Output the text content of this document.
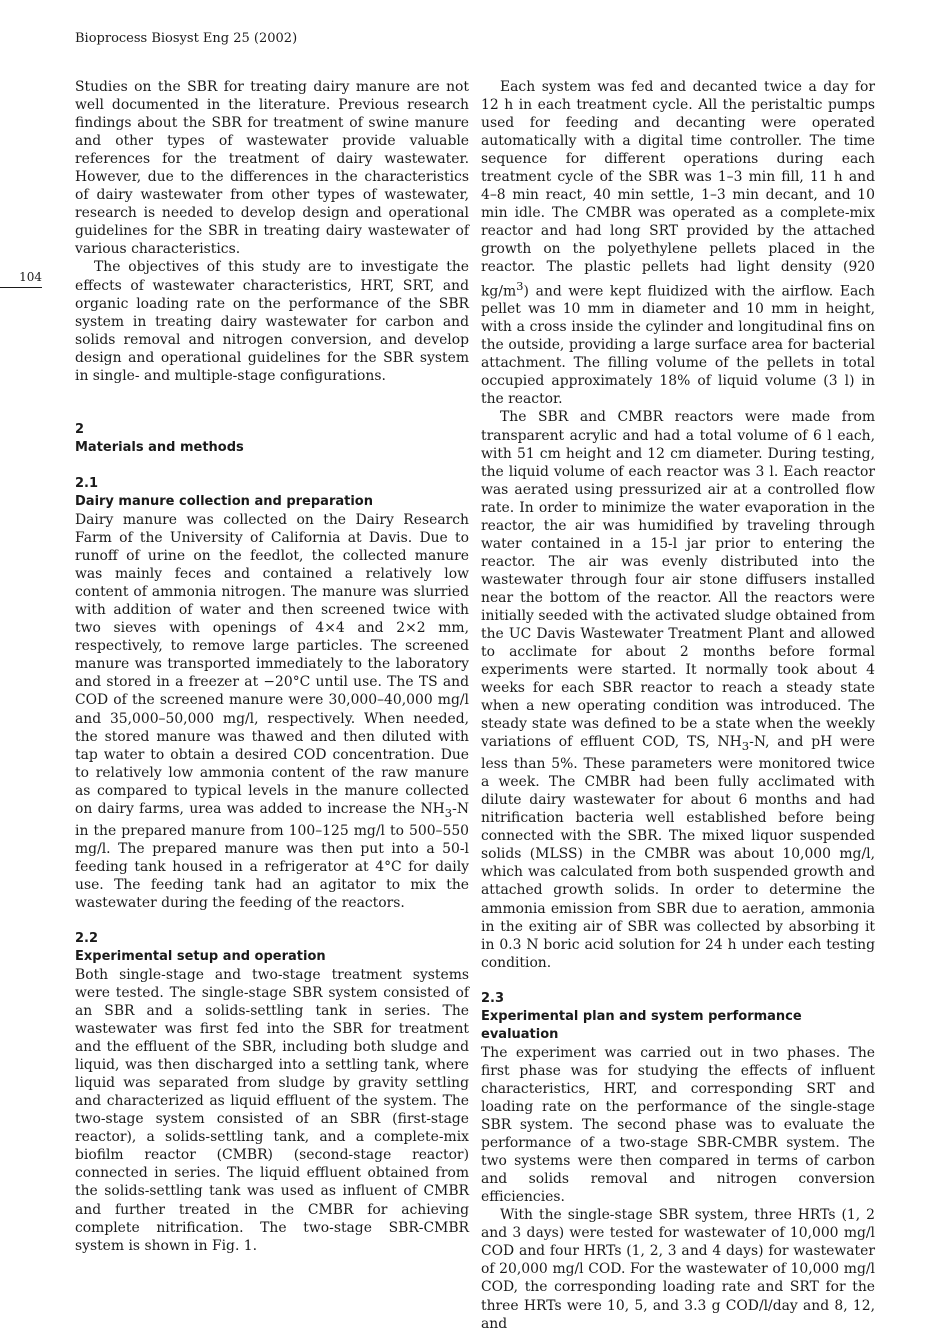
Bioprocess Biosyst Eng 25 (2002)
104

Studies on the SBR for treating dairy manure are not well documented in the literature. Previous research findings about the SBR for treatment of swine manure and other types of wastewater provide valuable references for the treatment of dairy wastewater. However, due to the differences in the characteristics of dairy wastewater from other types of wastewater, research is needed to develop design and operational guidelines for the SBR in treating dairy wastewater of various characteristics.

The objectives of this study are to investigate the effects of wastewater characteristics, HRT, SRT, and organic loading rate on the performance of the SBR system in treating dairy wastewater for carbon and solids removal and nitrogen conversion, and develop design and operational guidelines for the SBR system in single- and multiple-stage configurations.

2
Materials and methods
2.1
Dairy manure collection and preparation

Dairy manure was collected on the Dairy Research Farm of the University of California at Davis. Due to runoff of urine on the feedlot, the collected manure was mainly feces and contained a relatively low content of ammonia nitrogen. The manure was slurried with addition of water and then screened twice with two sieves with openings of 4×4 and 2×2 mm, respectively, to remove large particles. The screened manure was transported immediately to the laboratory and stored in a freezer at −20°C until use. The TS and COD of the screened manure were 30,000–40,000 mg/l and 35,000–50,000 mg/l, respectively. When needed, the stored manure was thawed and then diluted with tap water to obtain a desired COD concentration. Due to relatively low ammonia content of the raw manure as compared to typical levels in the manure collected on dairy farms, urea was added to increase the $NH_3-N$ in the prepared manure from 100–125 mg/l to 500–550 mg/l. The prepared manure was then put into a 50-l feeding tank housed in a refrigerator at 4°C for daily use. The feeding tank had an agitator to mix the wastewater during the feeding of the reactors.

2.2
Experimental setup and operation

Both single-stage and two-stage treatment systems were tested. The single-stage SBR system consisted of an SBR and a solids-settling tank in series. The wastewater was first fed into the SBR for treatment and the effluent of the SBR, including both sludge and liquid, was then discharged into a settling tank, where liquid was separated from sludge by gravity settling and characterized as liquid effluent of the system. The two-stage system consisted of an SBR (first-stage reactor), a solids-settling tank, and a complete-mix biofilm reactor (CMBR) (second-stage reactor) connected in series. The liquid effluent obtained from the solids-settling tank was used as influent of CMBR and further treated in the CMBR for achieving complete nitrification. The two-stage SBR-CMBR system is shown in Fig. 1.

Each system was fed and decanted twice a day for 12 h in each treatment cycle. All the peristaltic pumps used for feeding and decanting were operated automatically with a digital time controller. The time sequence for different operations during each treatment cycle of the SBR was 1–3 min fill, 11 h and 4–8 min react, 40 min settle, 1–3 min decant, and 10 min idle. The CMBR was operated as a complete-mix reactor and had long SRT provided by the attached growth on the polyethylene pellets placed in the reactor. The plastic pellets had light density (920 $kg/m^3$) and were kept fluidized with the airflow. Each pellet was 10 mm in diameter and 10 mm in height, with a cross inside the cylinder and longitudinal fins on the outside, providing a large surface area for bacterial attachment. The filling volume of the pellets in total occupied approximately 18% of liquid volume (3 l) in the reactor.

The SBR and CMBR reactors were made from transparent acrylic and had a total volume of 6 l each, with 51 cm height and 12 cm diameter. During testing, the liquid volume of each reactor was 3 l. Each reactor was aerated using pressurized air at a controlled flow rate. In order to minimize the water evaporation in the reactor, the air was humidified by traveling through water contained in a 15-l jar prior to entering the reactor. The air was evenly distributed into the wastewater through four air stone diffusers installed near the bottom of the reactor. All the reactors were initially seeded with the activated sludge obtained from the UC Davis Wastewater Treatment Plant and allowed to acclimate for about 2 months before formal experiments were started. It normally took about 4 weeks for each SBR reactor to reach a steady state when a new operating condition was introduced. The steady state was defined to be a state when the weekly variations of effluent COD, TS, $NH_3-N$, and pH were less than 5%. These parameters were monitored twice a week. The CMBR had been fully acclimated with dilute dairy wastewater for about 6 months and had nitrification bacteria well established before being connected with the SBR. The mixed liquor suspended solids (MLSS) in the CMBR was about 10,000 mg/l, which was calculated from both suspended growth and attached growth solids. In order to determine the ammonia emission from SBR due to aeration, ammonia in the exiting air of SBR was collected by absorbing it in 0.3 N boric acid solution for 24 h under each testing condition.

2.3
Experimental plan and system performance evaluation

The experiment was carried out in two phases. The first phase was for studying the effects of influent characteristics, HRT, and corresponding SRT and loading rate on the performance of the single-stage SBR system. The second phase was to evaluate the performance of a two-stage SBR-CMBR system. The two systems were then compared in terms of carbon and solids removal and nitrogen conversion efficiencies.

With the single-stage SBR system, three HRTs (1, 2 and 3 days) were tested for wastewater of 10,000 mg/l COD and four HRTs (1, 2, 3 and 4 days) for wastewater of 20,000 mg/l COD. For the wastewater of 10,000 mg/l COD, the corresponding loading rate and SRT for the three HRTs were 10, 5, and 3.3 g COD/l/day and 8, 12, and
